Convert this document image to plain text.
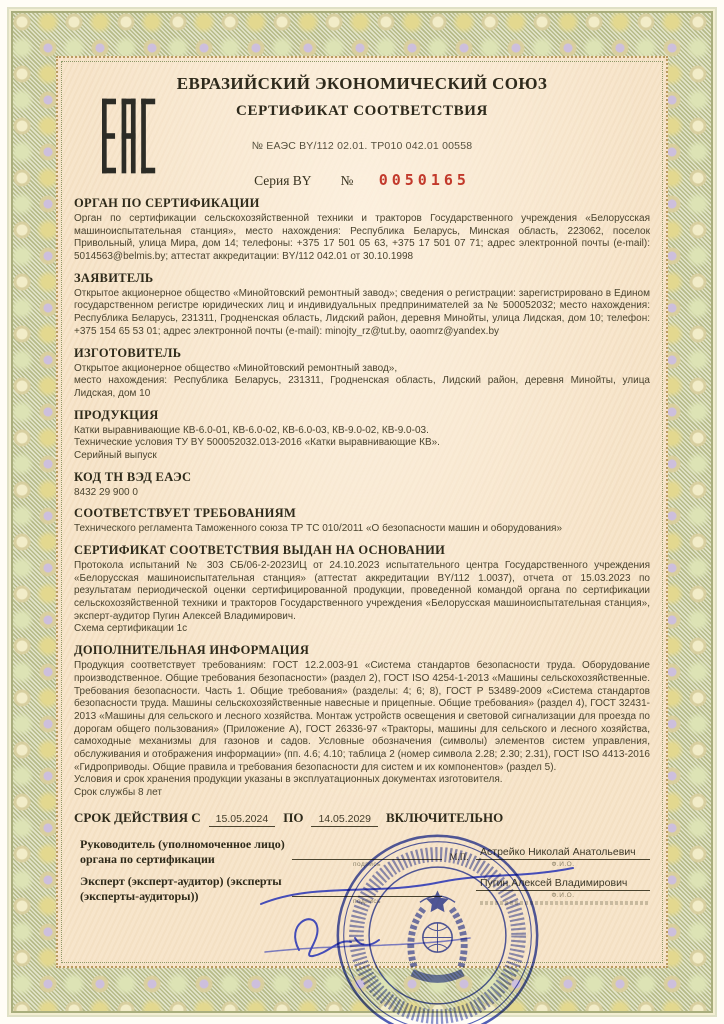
ЕВРАЗИЙСКИЙ ЭКОНОМИЧЕСКИЙ СОЮЗ
СЕРТИФИКАТ СООТВЕТСТВИЯ
№ ЕАЭС BY/112 02.01. ТР010 042.01 00558
Серия BY № 0050165
ОРГАН ПО СЕРТИФИКАЦИИ

Орган по сертификации сельскохозяйственной техники и тракторов Государственного учреждения «Белорусская машиноиспытательная станция», место нахождения: Республика Беларусь, Минская область, 223062, поселок Привольный, улица Мира, дом 14; телефоны: +375 17 501 05 63, +375 17 501 07 71; адрес электронной почты (e-mail): 5014563@belmis.by; аттестат аккредитации: BY/112 042.01 от 30.10.1998

ЗАЯВИТЕЛЬ

Открытое акционерное общество «Минойтовский ремонтный завод»; сведения о регистрации: зарегистрировано в Едином государственном регистре юридических лиц и индивидуальных предпринимателей за № 500052032; место нахождения: Республика Беларусь, 231311, Гродненская область, Лидский район, деревня Минойты, улица Лидская, дом 10; телефон: +375 154 65 53 01; адрес электронной почты (e-mail): minojty_rz@tut.by, oaomrz@yandex.by

ИЗГОТОВИТЕЛЬ

Открытое акционерное общество «Минойтовский ремонтный завод»,

место нахождения: Республика Беларусь, 231311, Гродненская область, Лидский район, деревня Минойты, улица Лидская, дом 10

ПРОДУКЦИЯ

Катки выравнивающие КВ-6.0-01, КВ-6.0-02, КВ-6.0-03, КВ-9.0-02, КВ-9.0-03.

Технические условия ТУ BY 500052032.013-2016 «Катки выравнивающие КВ».

Серийный выпуск

КОД ТН ВЭД ЕАЭС

8432 29 900 0

СООТВЕТСТВУЕТ ТРЕБОВАНИЯМ

Технического регламента Таможенного союза ТР ТС 010/2011 «О безопасности машин и оборудования»

СЕРТИФИКАТ СООТВЕТСТВИЯ ВЫДАН НА ОСНОВАНИИ

Протокола испытаний № 303 СБ/06-2-2023ИЦ от 24.10.2023 испытательного центра Государственного учреждения «Белорусская машиноиспытательная станция» (аттестат аккредитации BY/112 1.0037), отчета от 15.03.2023 по результатам периодической оценки сертифицированной продукции, проведенной командой органа по сертификации сельскохозяйственной техники и тракторов Государственного учреждения «Белорусская машиноиспытательная станция», эксперт-аудитор Пугин Алексей Владимирович.

Схема сертификации 1с

ДОПОЛНИТЕЛЬНАЯ ИНФОРМАЦИЯ

Продукция соответствует требованиям: ГОСТ 12.2.003-91 «Система стандартов безопасности труда. Оборудование производственное. Общие требования безопасности» (раздел 2), ГОСТ ISO 4254-1-2013 «Машины сельскохозяйственные. Требования безопасности. Часть 1. Общие требования» (разделы: 4; 6; 8), ГОСТ Р 53489-2009 «Система стандартов безопасности труда. Машины сельскохозяйственные навесные и прицепные. Общие требования» (раздел 4), ГОСТ 32431-2013 «Машины для сельского и лесного хозяйства. Монтаж устройств освещения и световой сигнализации для проезда по дорогам общего пользования» (Приложение А), ГОСТ 26336-97 «Тракторы, машины для сельского и лесного хозяйства, самоходные механизмы для газонов и садов. Условные обозначения (символы) элементов систем управления, обслуживания и отображения информации» (пп. 4.6; 4.10; таблица 2 (номер символа 2.28; 2.30; 2.31), ГОСТ ISO 4413-2016 «Гидроприводы. Общие правила и требования безопасности для систем и их компонентов» (раздел 5).

Условия и срок хранения продукции указаны в эксплуатационных документах изготовителя.

Срок службы 8 лет

СРОК ДЕЙСТВИЯ С	15.05.2024	ПО	14.05.2029	ВКЛЮЧИТЕЛЬНО
Руководитель (уполномоченное лицо) органа по сертификации	подпись
М.П.	Астрейко Николай Анатольевич
Ф.И.О.
Эксперт (эксперт-аудитор) (эксперты (эксперты-аудиторы))	подпись
Пугин Алексей Владимирович
Ф.И.О.
